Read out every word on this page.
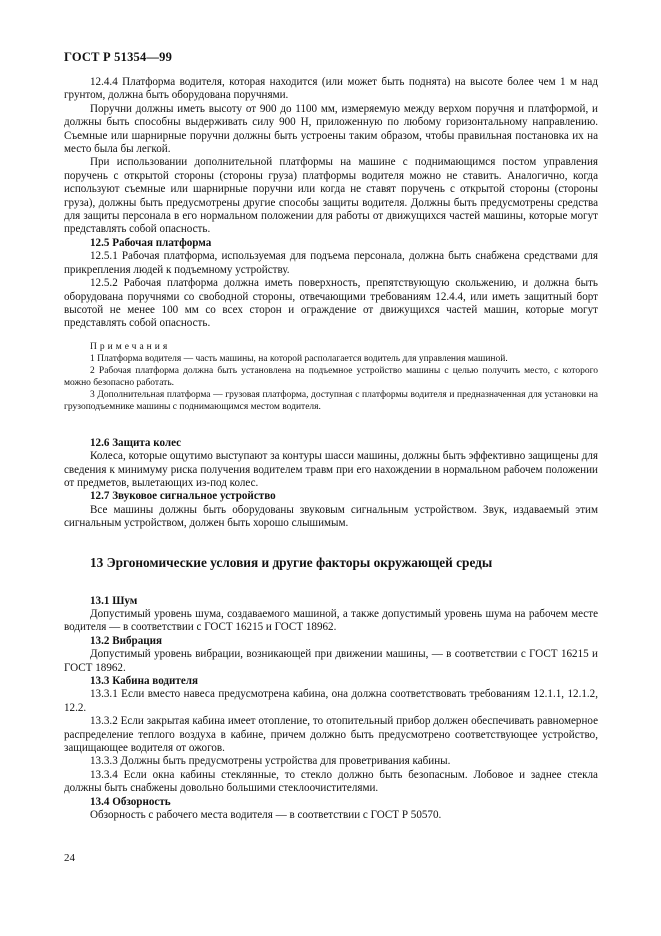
ГОСТ Р 51354—99

12.4.4 Платформа водителя, которая находится (или может быть поднята) на высоте более чем 1 м над грунтом, должна быть оборудована поручнями.

Поручни должны иметь высоту от 900 до 1100 мм, измеряемую между верхом поручня и платформой, и должны быть способны выдерживать силу 900 Н, приложенную по любому горизонтальному направлению. Съемные или шарнирные поручни должны быть устроены таким образом, чтобы правильная постановка их на место была бы легкой.

При использовании дополнительной платформы на машине с поднимающимся постом управления поручень с открытой стороны (стороны груза) платформы водителя можно не ставить. Аналогично, когда используют съемные или шарнирные поручни или когда не ставят поручень с открытой стороны (стороны груза), должны быть предусмотрены другие способы защиты водителя. Должны быть предусмотрены средства для защиты персонала в его нормальном положении для работы от движущихся частей машины, которые могут представлять собой опасность.

12.5 Рабочая платформа

12.5.1 Рабочая платформа, используемая для подъема персонала, должна быть снабжена средствами для прикрепления людей к подъемному устройству.

12.5.2 Рабочая платформа должна иметь поверхность, препятствующую скольжению, и должна быть оборудована поручнями со свободной стороны, отвечающими требованиям 12.4.4, или иметь защитный борт высотой не менее 100 мм со всех сторон и ограждение от движущихся частей машин, которые могут представлять собой опасность.

Примечания

1 Платформа водителя — часть машины, на которой располагается водитель для управления машиной.

2 Рабочая платформа должна быть установлена на подъемное устройство машины с целью получить место, с которого можно безопасно работать.

3 Дополнительная платформа — грузовая платформа, доступная с платформы водителя и предназначенная для установки на грузоподъемнике машины с поднимающимся местом водителя.

12.6 Защита колес

Колеса, которые ощутимо выступают за контуры шасси машины, должны быть эффективно защищены для сведения к минимуму риска получения водителем травм при его нахождении в нормальном рабочем положении от предметов, вылетающих из-под колес.

12.7 Звуковое сигнальное устройство

Все машины должны быть оборудованы звуковым сигнальным устройством. Звук, издаваемый этим сигнальным устройством, должен быть хорошо слышимым.

13 Эргономические условия и другие факторы окружающей среды

13.1 Шум

Допустимый уровень шума, создаваемого машиной, а также допустимый уровень шума на рабочем месте водителя — в соответствии с ГОСТ 16215 и ГОСТ 18962.

13.2 Вибрация

Допустимый уровень вибрации, возникающей при движении машины, — в соответствии с ГОСТ 16215 и ГОСТ 18962.

13.3 Кабина водителя

13.3.1 Если вместо навеса предусмотрена кабина, она должна соответствовать требованиям 12.1.1, 12.1.2, 12.2.

13.3.2 Если закрытая кабина имеет отопление, то отопительный прибор должен обеспечивать равномерное распределение теплого воздуха в кабине, причем должно быть предусмотрено соответствующее устройство, защищающее водителя от ожогов.

13.3.3 Должны быть предусмотрены устройства для проветривания кабины.

13.3.4 Если окна кабины стеклянные, то стекло должно быть безопасным. Лобовое и заднее стекла должны быть снабжены довольно большими стеклоочистителями.

13.4 Обзорность

Обзорность с рабочего места водителя — в соответствии с ГОСТ Р 50570.

24
